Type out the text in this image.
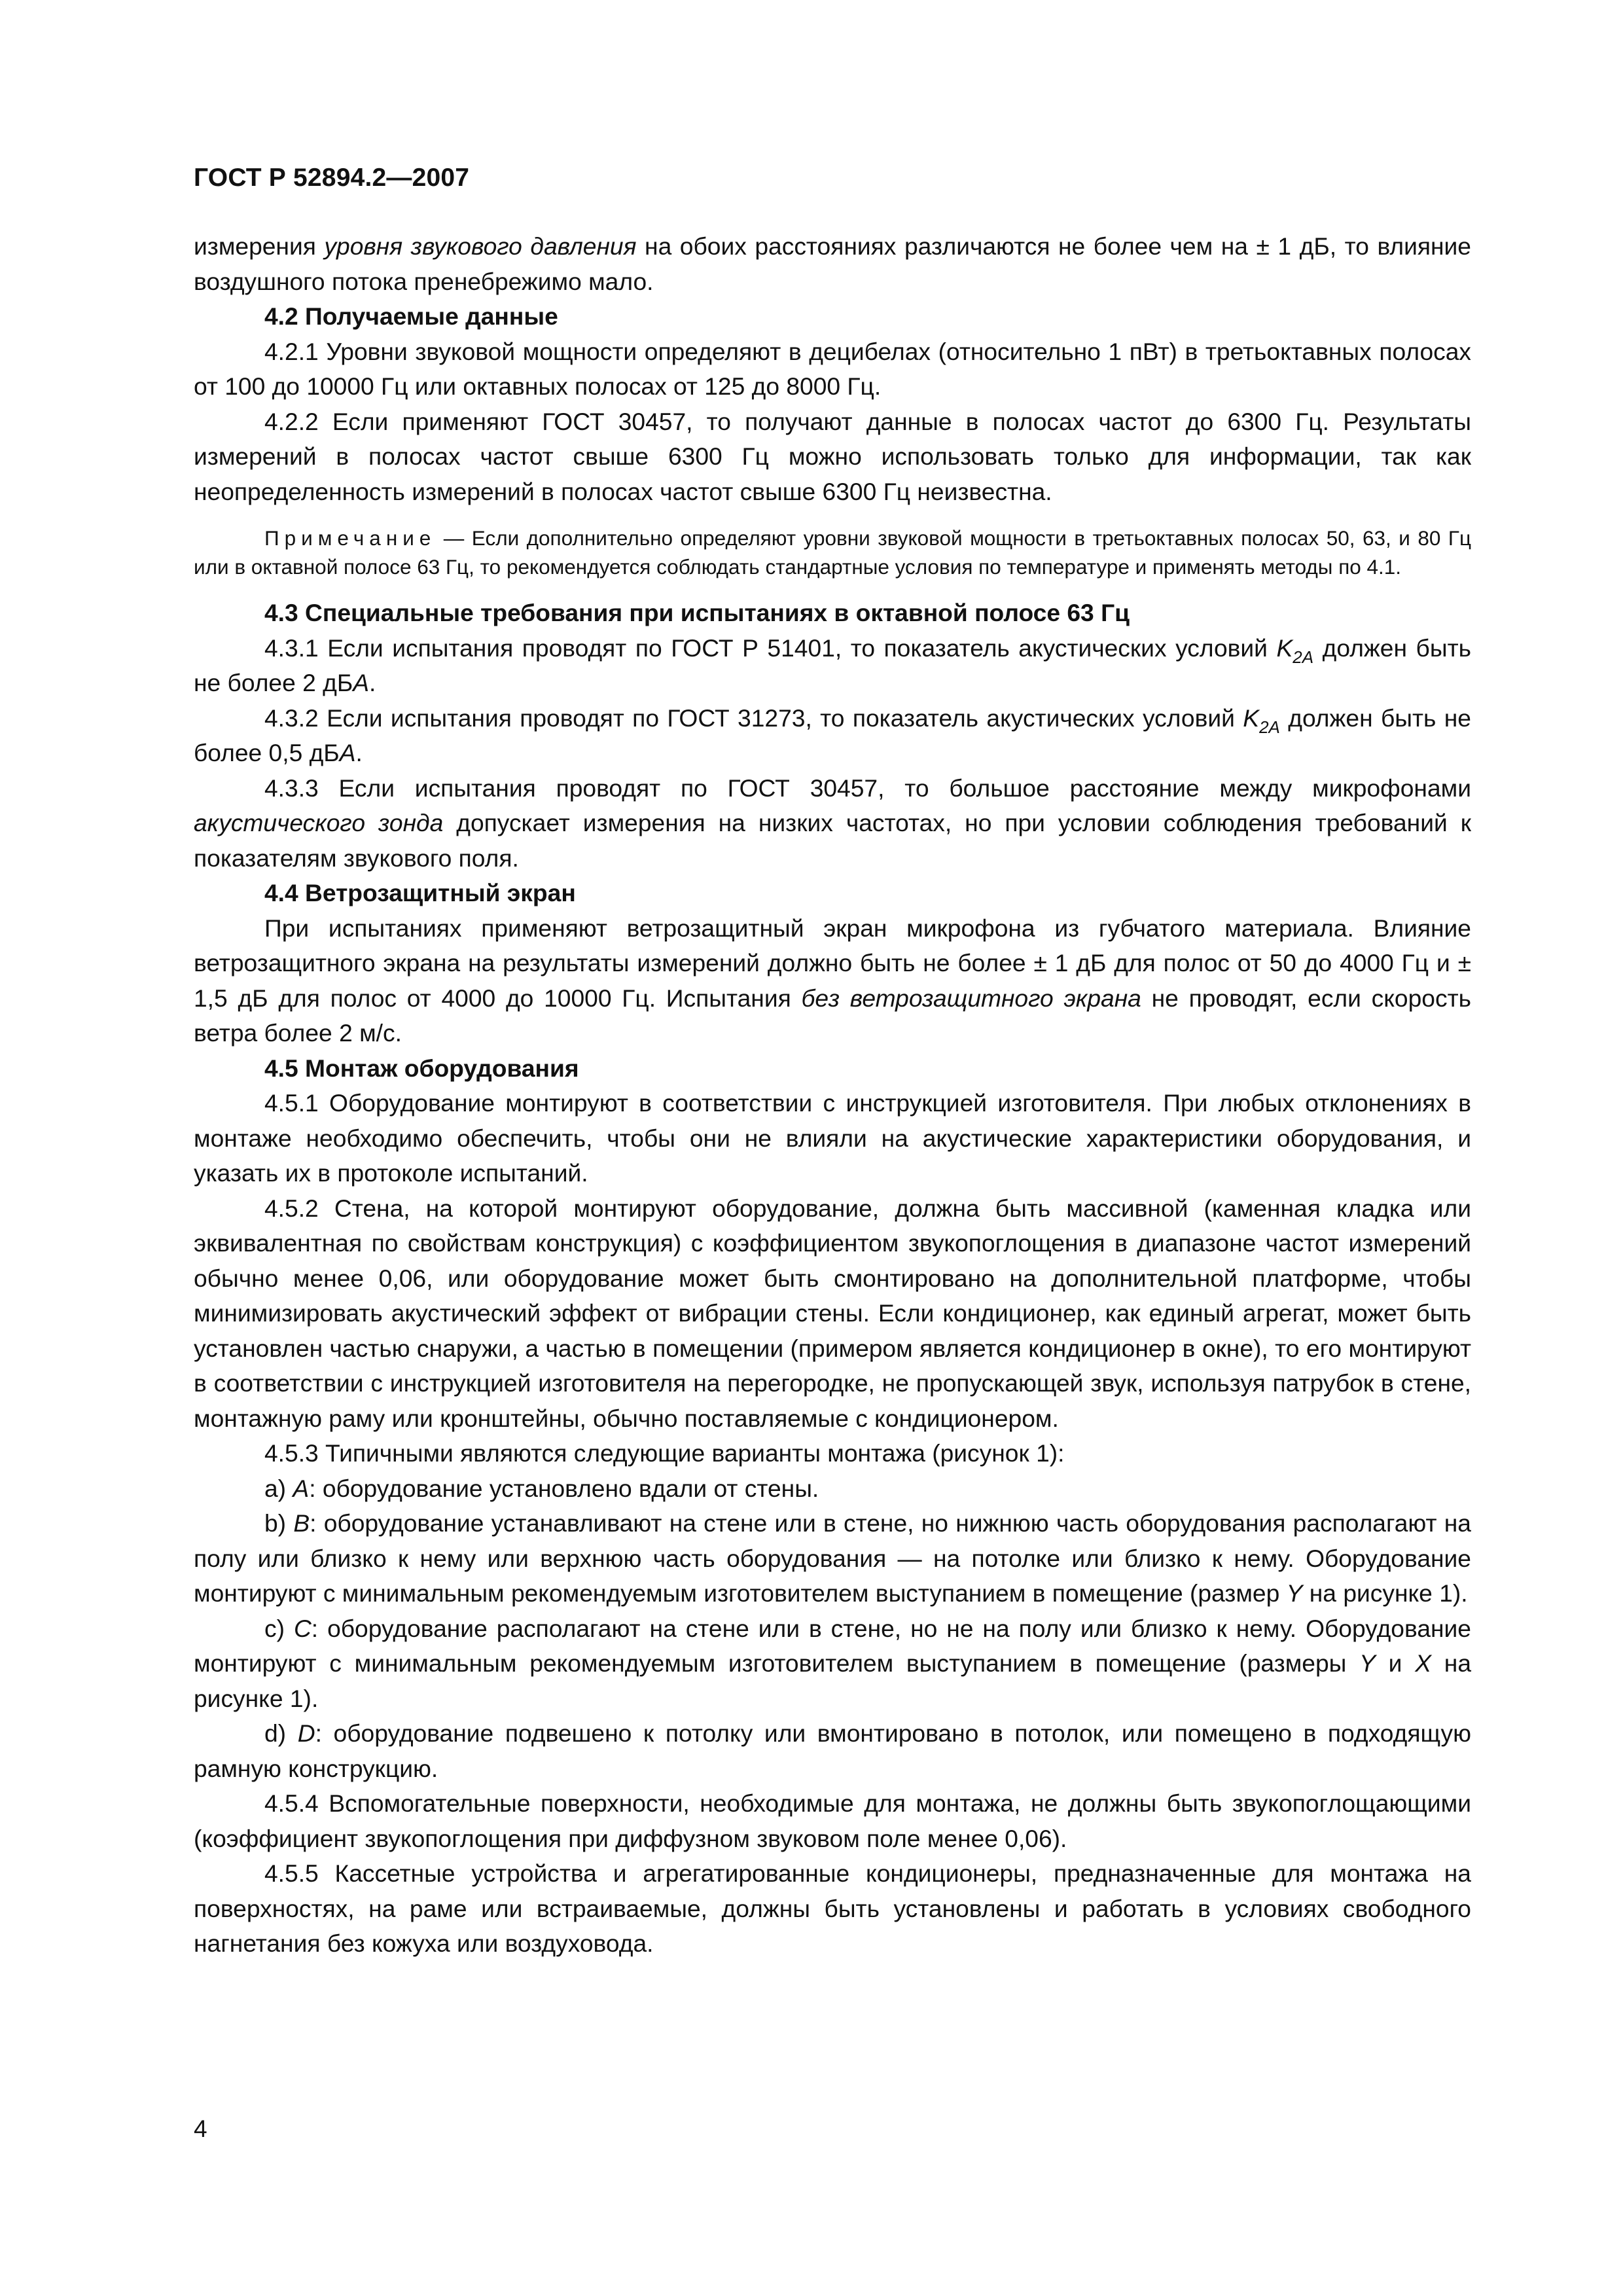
ГОСТ Р 52894.2—2007

измерения уровня звукового давления на обоих расстояниях различаются не более чем на ± 1 дБ, то влияние воздушного потока пренебрежимо мало.

4.2 Получаемые данные

4.2.1 Уровни звуковой мощности определяют в децибелах (относительно 1 пВт) в третьоктавных полосах от 100 до 10000 Гц или октавных полосах от 125 до 8000 Гц.

4.2.2 Если применяют ГОСТ 30457, то получают данные в полосах частот до 6300 Гц. Результаты измерений в полосах частот свыше 6300 Гц можно использовать только для информации, так как неопределенность измерений в полосах частот свыше 6300 Гц неизвестна.

Примечание — Если дополнительно определяют уровни звуковой мощности в третьоктавных полосах 50, 63, и 80 Гц или в октавной полосе 63 Гц, то рекомендуется соблюдать стандартные условия по температуре и применять методы по 4.1.

4.3 Специальные требования при испытаниях в октавной полосе 63 Гц

4.3.1 Если испытания проводят по ГОСТ Р 51401, то показатель акустических условий $K_{2A}$ должен быть не более 2 дБА.

4.3.2 Если испытания проводят по ГОСТ 31273, то показатель акустических условий $K_{2A}$ должен быть не более 0,5 дБА.

4.3.3 Если испытания проводят по ГОСТ 30457, то большое расстояние между микрофонами акустического зонда допускает измерения на низких частотах, но при условии соблюдения требований к показателям звукового поля.

4.4 Ветрозащитный экран

При испытаниях применяют ветрозащитный экран микрофона из губчатого материала. Влияние ветрозащитного экрана на результаты измерений должно быть не более ± 1 дБ для полос от 50 до 4000 Гц и ± 1,5 дБ для полос от 4000 до 10000 Гц. Испытания без ветрозащитного экрана не проводят, если скорость ветра более 2 м/с.

4.5 Монтаж оборудования

4.5.1 Оборудование монтируют в соответствии с инструкцией изготовителя. При любых отклонениях в монтаже необходимо обеспечить, чтобы они не влияли на акустические характеристики оборудования, и указать их в протоколе испытаний.

4.5.2 Стена, на которой монтируют оборудование, должна быть массивной (каменная кладка или эквивалентная по свойствам конструкция) с коэффициентом звукопоглощения в диапазоне частот измерений обычно менее 0,06, или оборудование может быть смонтировано на дополнительной платформе, чтобы минимизировать акустический эффект от вибрации стены. Если кондиционер, как единый агрегат, может быть установлен частью снаружи, а частью в помещении (примером является кондиционер в окне), то его монтируют в соответствии с инструкцией изготовителя на перегородке, не пропускающей звук, используя патрубок в стене, монтажную раму или кронштейны, обычно поставляемые с кондиционером.

4.5.3 Типичными являются следующие варианты монтажа (рисунок 1):

а) А: оборудование установлено вдали от стены.

b) В: оборудование устанавливают на стене или в стене, но нижнюю часть оборудования располагают на полу или близко к нему или верхнюю часть оборудования — на потолке или близко к нему. Оборудование монтируют с минимальным рекомендуемым изготовителем выступанием в помещение (размер Y на рисунке 1).

с) С: оборудование располагают на стене или в стене, но не на полу или близко к нему. Оборудование монтируют с минимальным рекомендуемым изготовителем выступанием в помещение (размеры Y и X на рисунке 1).

d) D: оборудование подвешено к потолку или вмонтировано в потолок, или помещено в подходящую рамную конструкцию.

4.5.4 Вспомогательные поверхности, необходимые для монтажа, не должны быть звукопоглощающими (коэффициент звукопоглощения при диффузном звуковом поле менее 0,06).

4.5.5 Кассетные устройства и агрегатированные кондиционеры, предназначенные для монтажа на поверхностях, на раме или встраиваемые, должны быть установлены и работать в условиях свободного нагнетания без кожуха или воздуховода.

4
